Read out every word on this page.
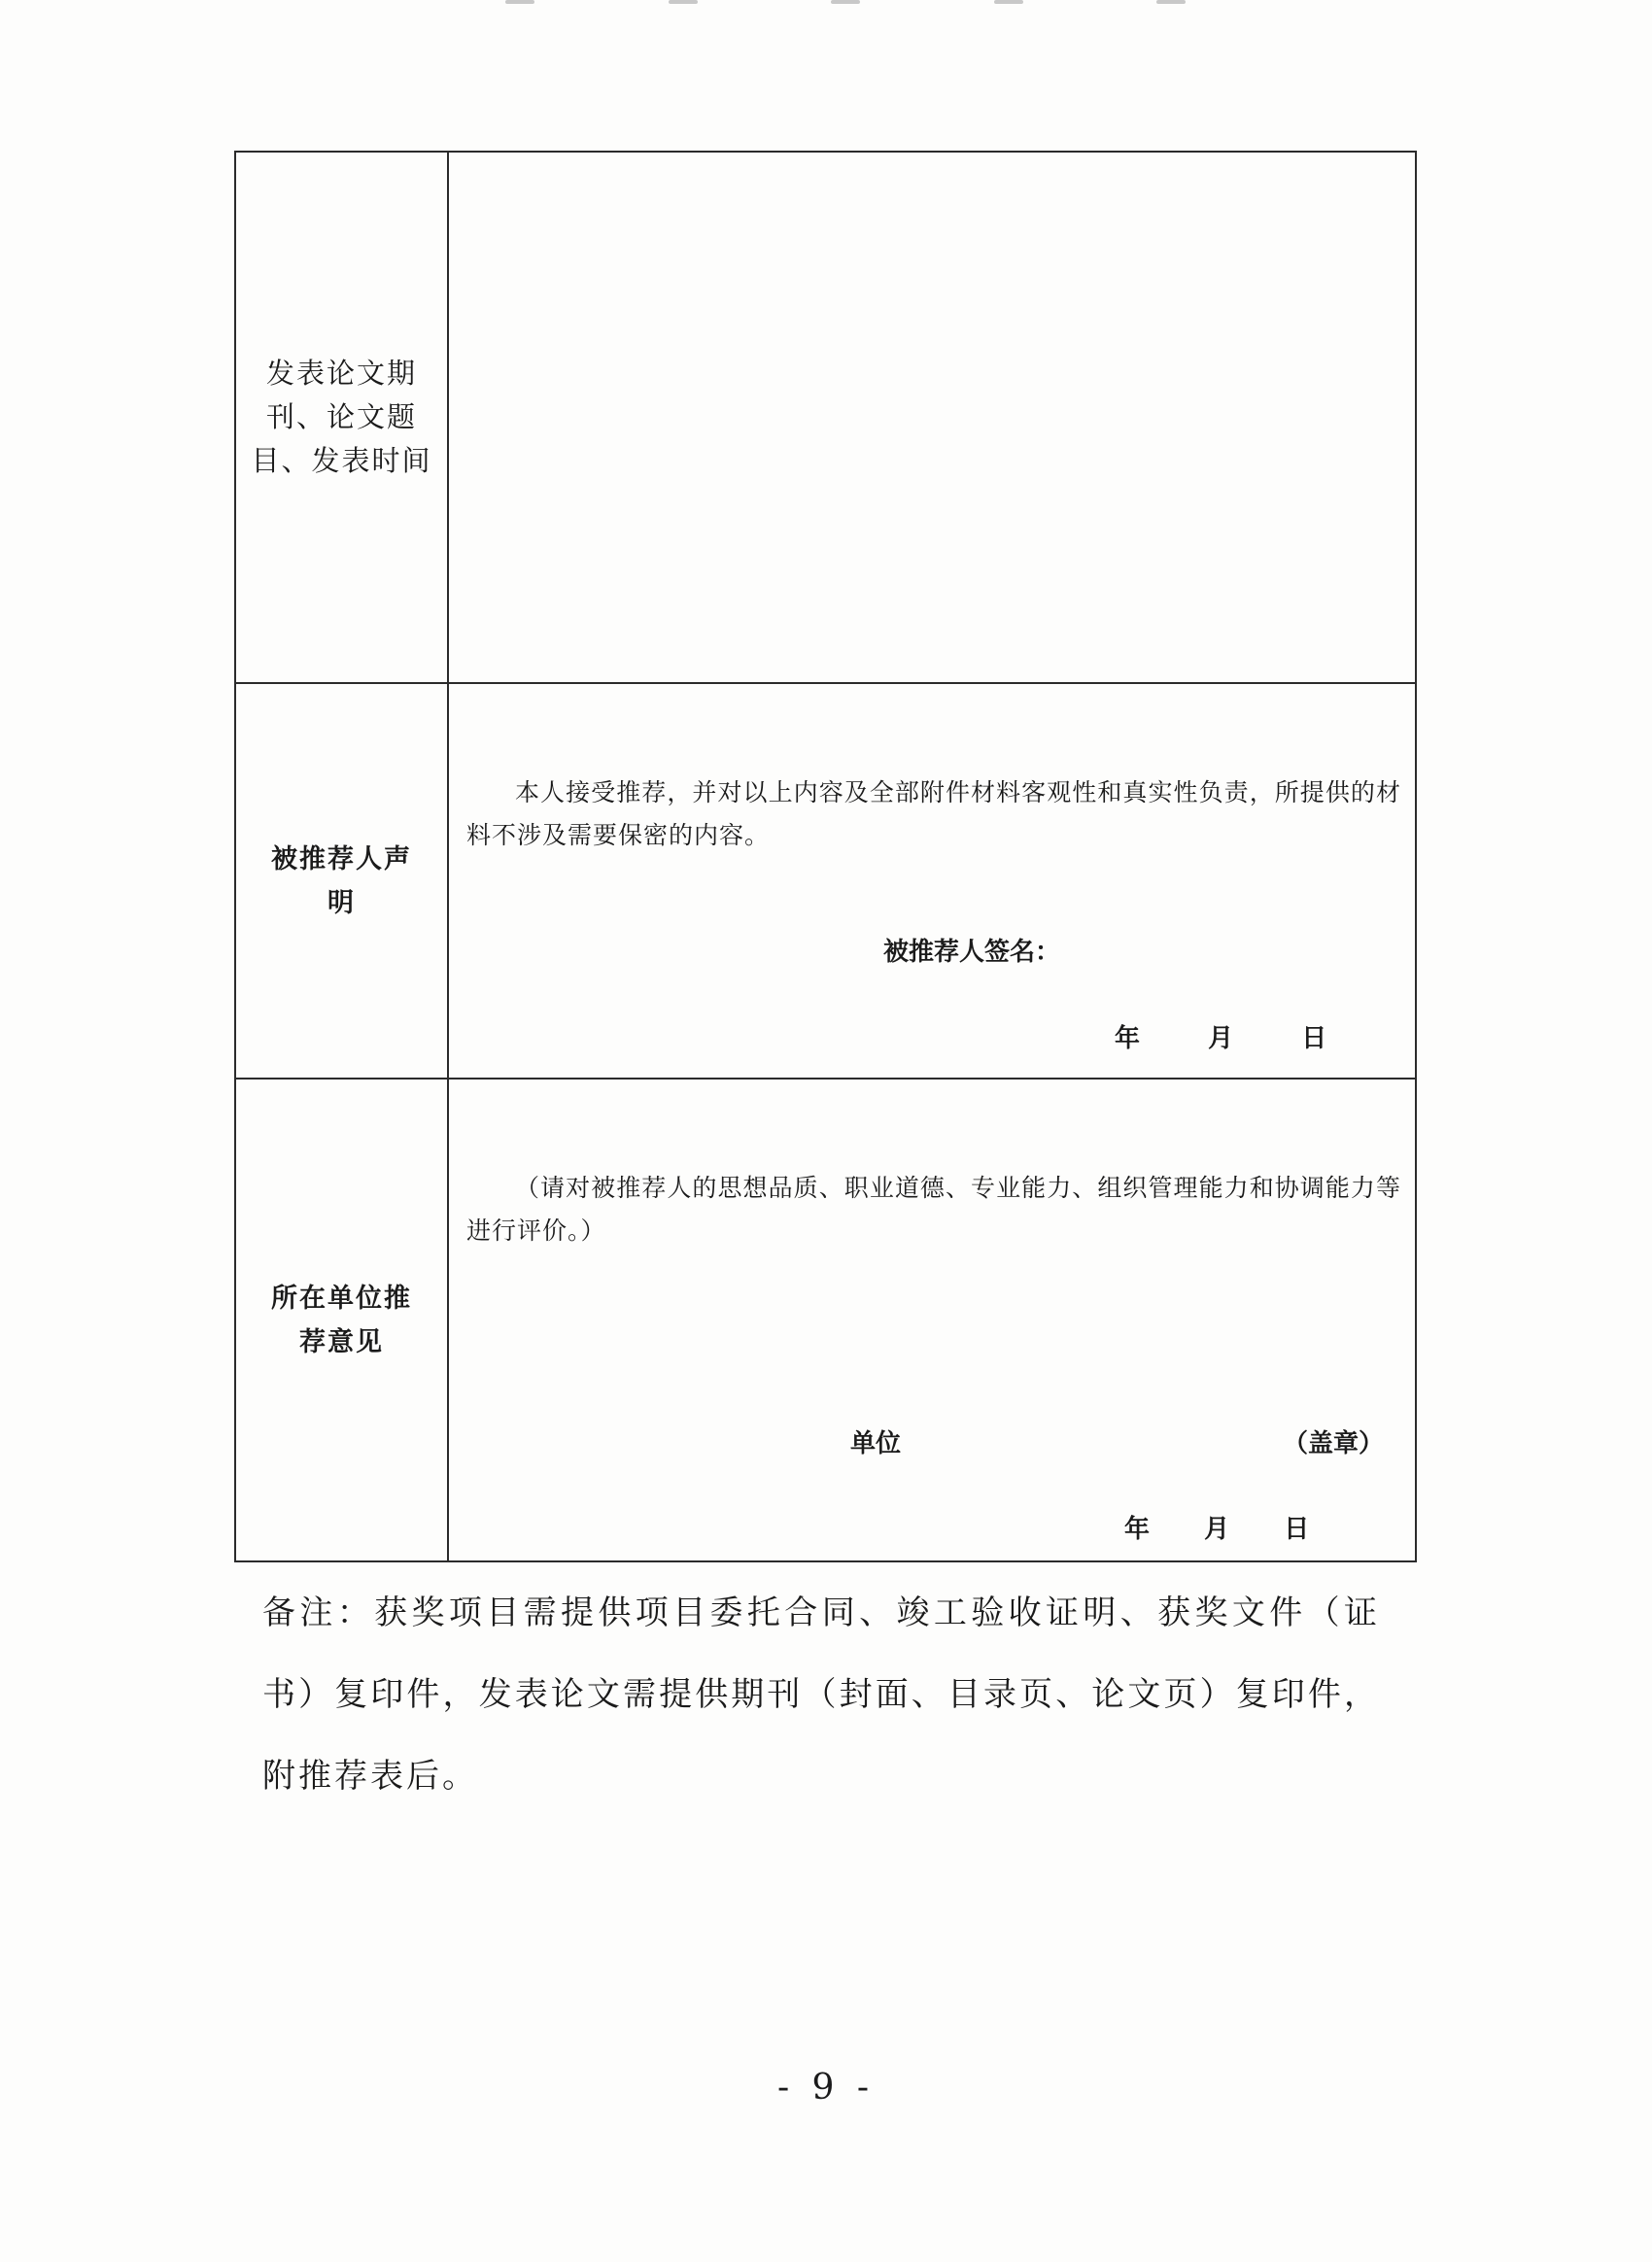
发表论文期刊、论文题目、发表时间	

被推荐人声明	本人接受推荐，并对以上内容及全部附件材料客观性和真实性负责，所提供的材料不涉及需要保密的内容。
被推荐人签名：
年 月 日

所在单位推荐意见	（请对被推荐人的思想品质、职业道德、专业能力、组织管理能力和协调能力等进行评价。）
单位 （盖章）
年 月 日
备注：获奖项目需提供项目委托合同、竣工验收证明、获奖文件（证书）复印件，发表论文需提供期刊（封面、目录页、论文页）复印件，附推荐表后。
- 9 -
